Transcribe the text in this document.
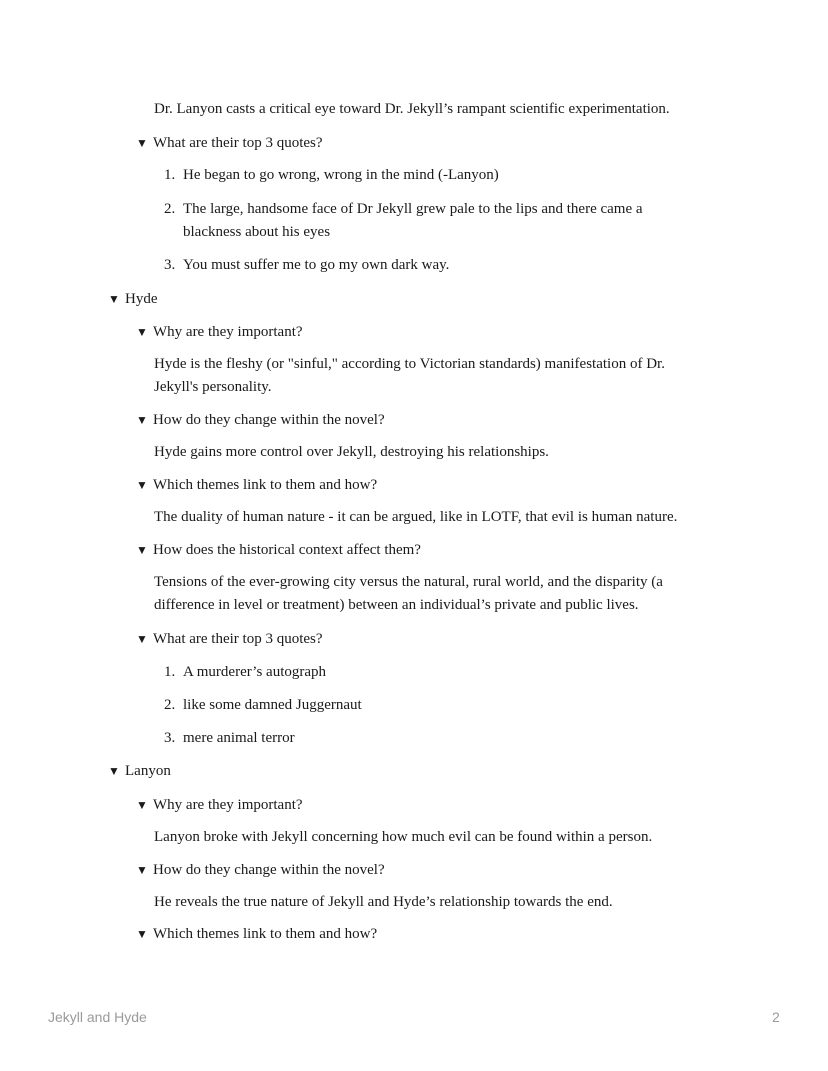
Dr. Lanyon casts a critical eye toward Dr. Jekyll’s rampant scientific experimentation.
▼ What are their top 3 quotes?
1. He began to go wrong, wrong in the mind (-Lanyon)
2. The large, handsome face of Dr Jekyll grew pale to the lips and there came a
blackness about his eyes
3. You must suffer me to go my own dark way.
▼ Hyde
▼ Why are they important?
Hyde is the fleshy (or "sinful," according to Victorian standards) manifestation of Dr.
Jekyll's personality.
▼ How do they change within the novel?
Hyde gains more control over Jekyll, destroying his relationships.
▼ Which themes link to them and how?
The duality of human nature - it can be argued, like in LOTF, that evil is human nature.
▼ How does the historical context affect them?
Tensions of the ever-growing city versus the natural, rural world, and the disparity (a
difference in level or treatment) between an individual’s private and public lives.
▼ What are their top 3 quotes?
1. A murderer’s autograph
2. like some damned Juggernaut
3. mere animal terror
▼ Lanyon
▼ Why are they important?
Lanyon broke with Jekyll concerning how much evil can be found within a person.
▼ How do they change within the novel?
He reveals the true nature of Jekyll and Hyde’s relationship towards the end.
▼ Which themes link to them and how?
Jekyll and Hyde	2
